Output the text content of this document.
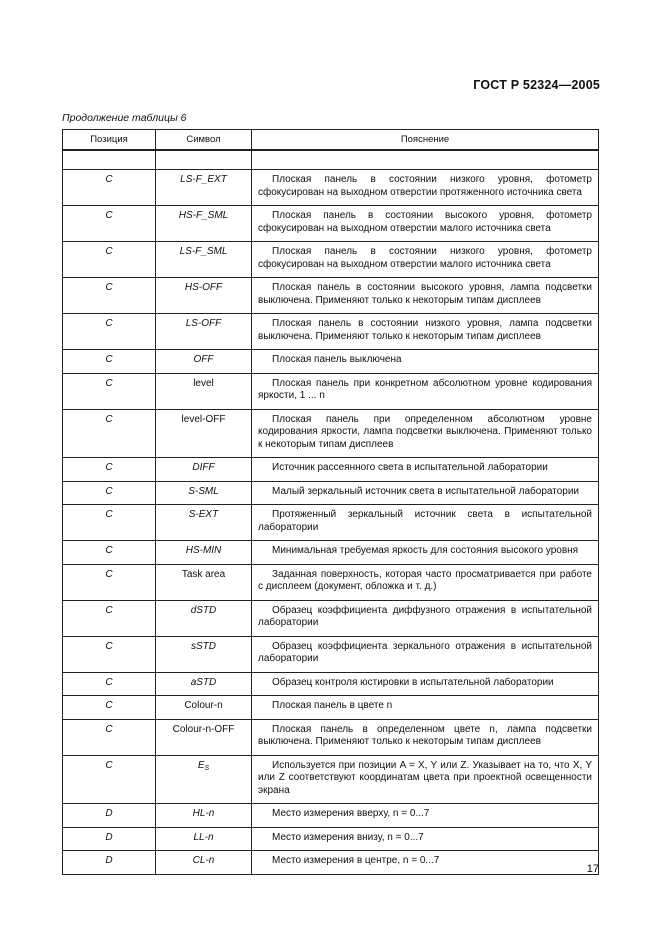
ГОСТ Р 52324—2005
Продолжение таблицы 6
Позиция	Символ	Пояснение

C	LS-F_EXT	Плоская панель в состоянии низкого уровня, фотометр сфокусирован на выходном отверстии протяженного источника света
C	HS-F_SML	Плоская панель в состоянии высокого уровня, фотометр сфокусирован на выходном отверстии малого источника света
C	LS-F_SML	Плоская панель в состоянии низкого уровня, фотометр сфокусирован на выходном отверстии малого источника света
C	HS-OFF	Плоская панель в состоянии высокого уровня, лампа подсветки выключена. Применяют только к некоторым типам дисплеев
C	LS-OFF	Плоская панель в состоянии низкого уровня, лампа подсветки выключена. Применяют только к некоторым типам дисплеев
C	OFF	Плоская панель выключена
C	level	Плоская панель при конкретном абсолютном уровне кодирования яркости, 1 ... n
C	level-OFF	Плоская панель при определенном абсолютном уровне кодирования яркости, лампа подсветки выключена. Применяют только к некоторым типам дисплеев
C	DIFF	Источник рассеянного света в испытательной лаборатории
C	S-SML	Малый зеркальный источник света в испытательной лаборатории
C	S-EXT	Протяженный зеркальный источник света в испытательной лаборатории
C	HS-MIN	Минимальная требуемая яркость для состояния высокого уровня
C	Task area	Заданная поверхность, которая часто просматривается при работе с дисплеем (документ, обложка и т. д.)
C	dSTD	Образец коэффициента диффузного отражения в испытательной лаборатории
C	sSTD	Образец коэффициента зеркального отражения в испытательной лаборатории
C	aSTD	Образец контроля юстировки в испытательной лаборатории
C	Colour-n	Плоская панель в цвете n
C	Colour-n-OFF	Плоская панель в определенном цвете n, лампа подсветки выключена. Применяют только к некоторым типам дисплеев
C	$E_S$	Используется при позиции A = X, Y или Z. Указывает на то, что X, Y или Z соответствуют координатам цвета при проектной освещенности экрана
D	HL-n	Место измерения вверху, n = 0...7
D	LL-n	Место измерения внизу, n = 0...7
D	CL-n	Место измерения в центре, n = 0...7
17
